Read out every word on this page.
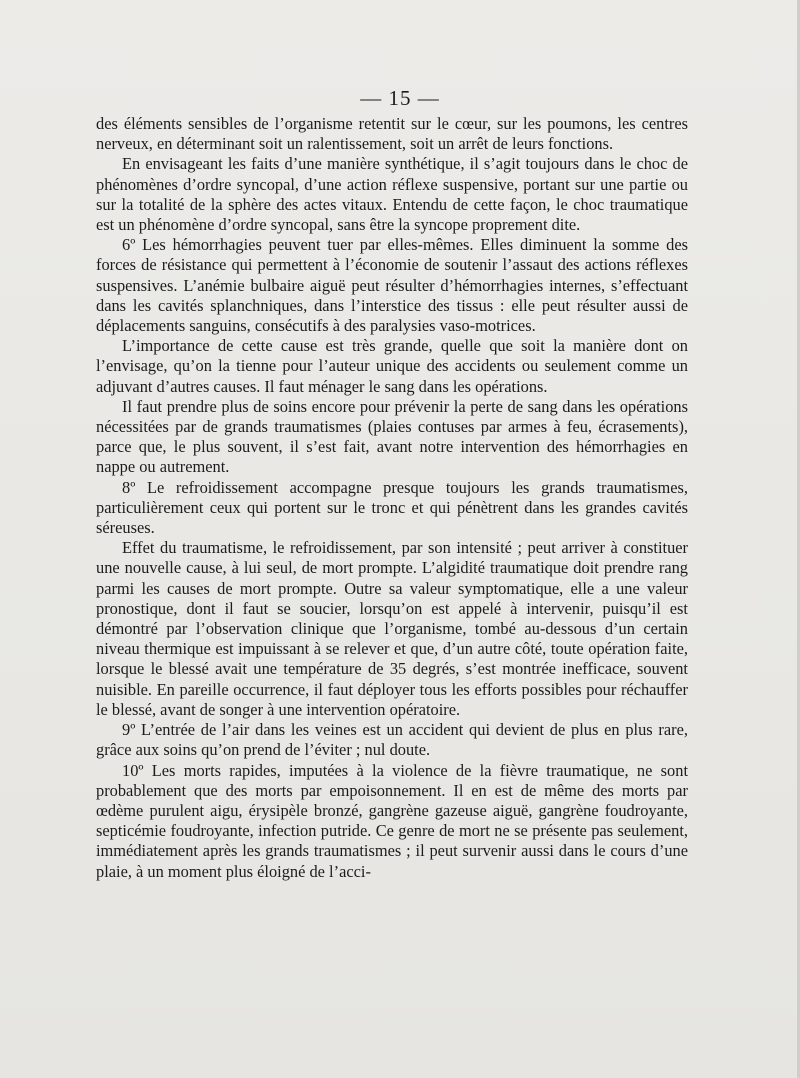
— 15 —

des éléments sensibles de l’organisme retentit sur le cœur, sur les poumons, les centres nerveux, en déterminant soit un ralentissement, soit un arrêt de leurs fonctions.

En envisageant les faits d’une manière synthétique, il s’agit toujours dans le choc de phénomènes d’ordre syncopal, d’une action réflexe suspensive, portant sur une partie ou sur la totalité de la sphère des actes vitaux. Entendu de cette façon, le choc traumatique est un phénomène d’ordre syncopal, sans être la syncope proprement dite.

6º Les hémorrhagies peuvent tuer par elles-mêmes. Elles diminuent la somme des forces de résistance qui permettent à l’économie de soutenir l’assaut des actions réflexes suspensives. L’anémie bulbaire aiguë peut résulter d’hémorrhagies internes, s’effectuant dans les cavités splanchniques, dans l’interstice des tissus : elle peut résulter aussi de déplacements sanguins, consécutifs à des paralysies vaso-motrices.

L’importance de cette cause est très grande, quelle que soit la manière dont on l’envisage, qu’on la tienne pour l’auteur unique des accidents ou seulement comme un adjuvant d’autres causes. Il faut ménager le sang dans les opérations.

Il faut prendre plus de soins encore pour prévenir la perte de sang dans les opérations nécessitées par de grands traumatismes (plaies contuses par armes à feu, écrasements), parce que, le plus souvent, il s’est fait, avant notre intervention des hémorrhagies en nappe ou autrement.

8º Le refroidissement accompagne presque toujours les grands traumatismes, particulièrement ceux qui portent sur le tronc et qui pénètrent dans les grandes cavités séreuses.

Effet du traumatisme, le refroidissement, par son intensité ; peut arriver à constituer une nouvelle cause, à lui seul, de mort prompte. L’algidité traumatique doit prendre rang parmi les causes de mort prompte. Outre sa valeur symptomatique, elle a une valeur pronostique, dont il faut se soucier, lorsqu’on est appelé à intervenir, puisqu’il est démontré par l’observation clinique que l’organisme, tombé au-dessous d’un certain niveau thermique est impuissant à se relever et que, d’un autre côté, toute opération faite, lorsque le blessé avait une température de 35 degrés, s’est montrée inefficace, souvent nuisible. En pareille occurrence, il faut déployer tous les efforts possibles pour réchauffer le blessé, avant de songer à une intervention opératoire.

9º L’entrée de l’air dans les veines est un accident qui devient de plus en plus rare, grâce aux soins qu’on prend de l’éviter ; nul doute.

10º Les morts rapides, imputées à la violence de la fièvre traumatique, ne sont probablement que des morts par empoisonnement. Il en est de même des morts par œdème purulent aigu, érysipèle bronzé, gangrène gazeuse aiguë, gangrène foudroyante, septicémie foudroyante, infection putride. Ce genre de mort ne se présente pas seulement, immédiatement après les grands traumatismes ; il peut survenir aussi dans le cours d’une plaie, à un moment plus éloigné de l’acci-
